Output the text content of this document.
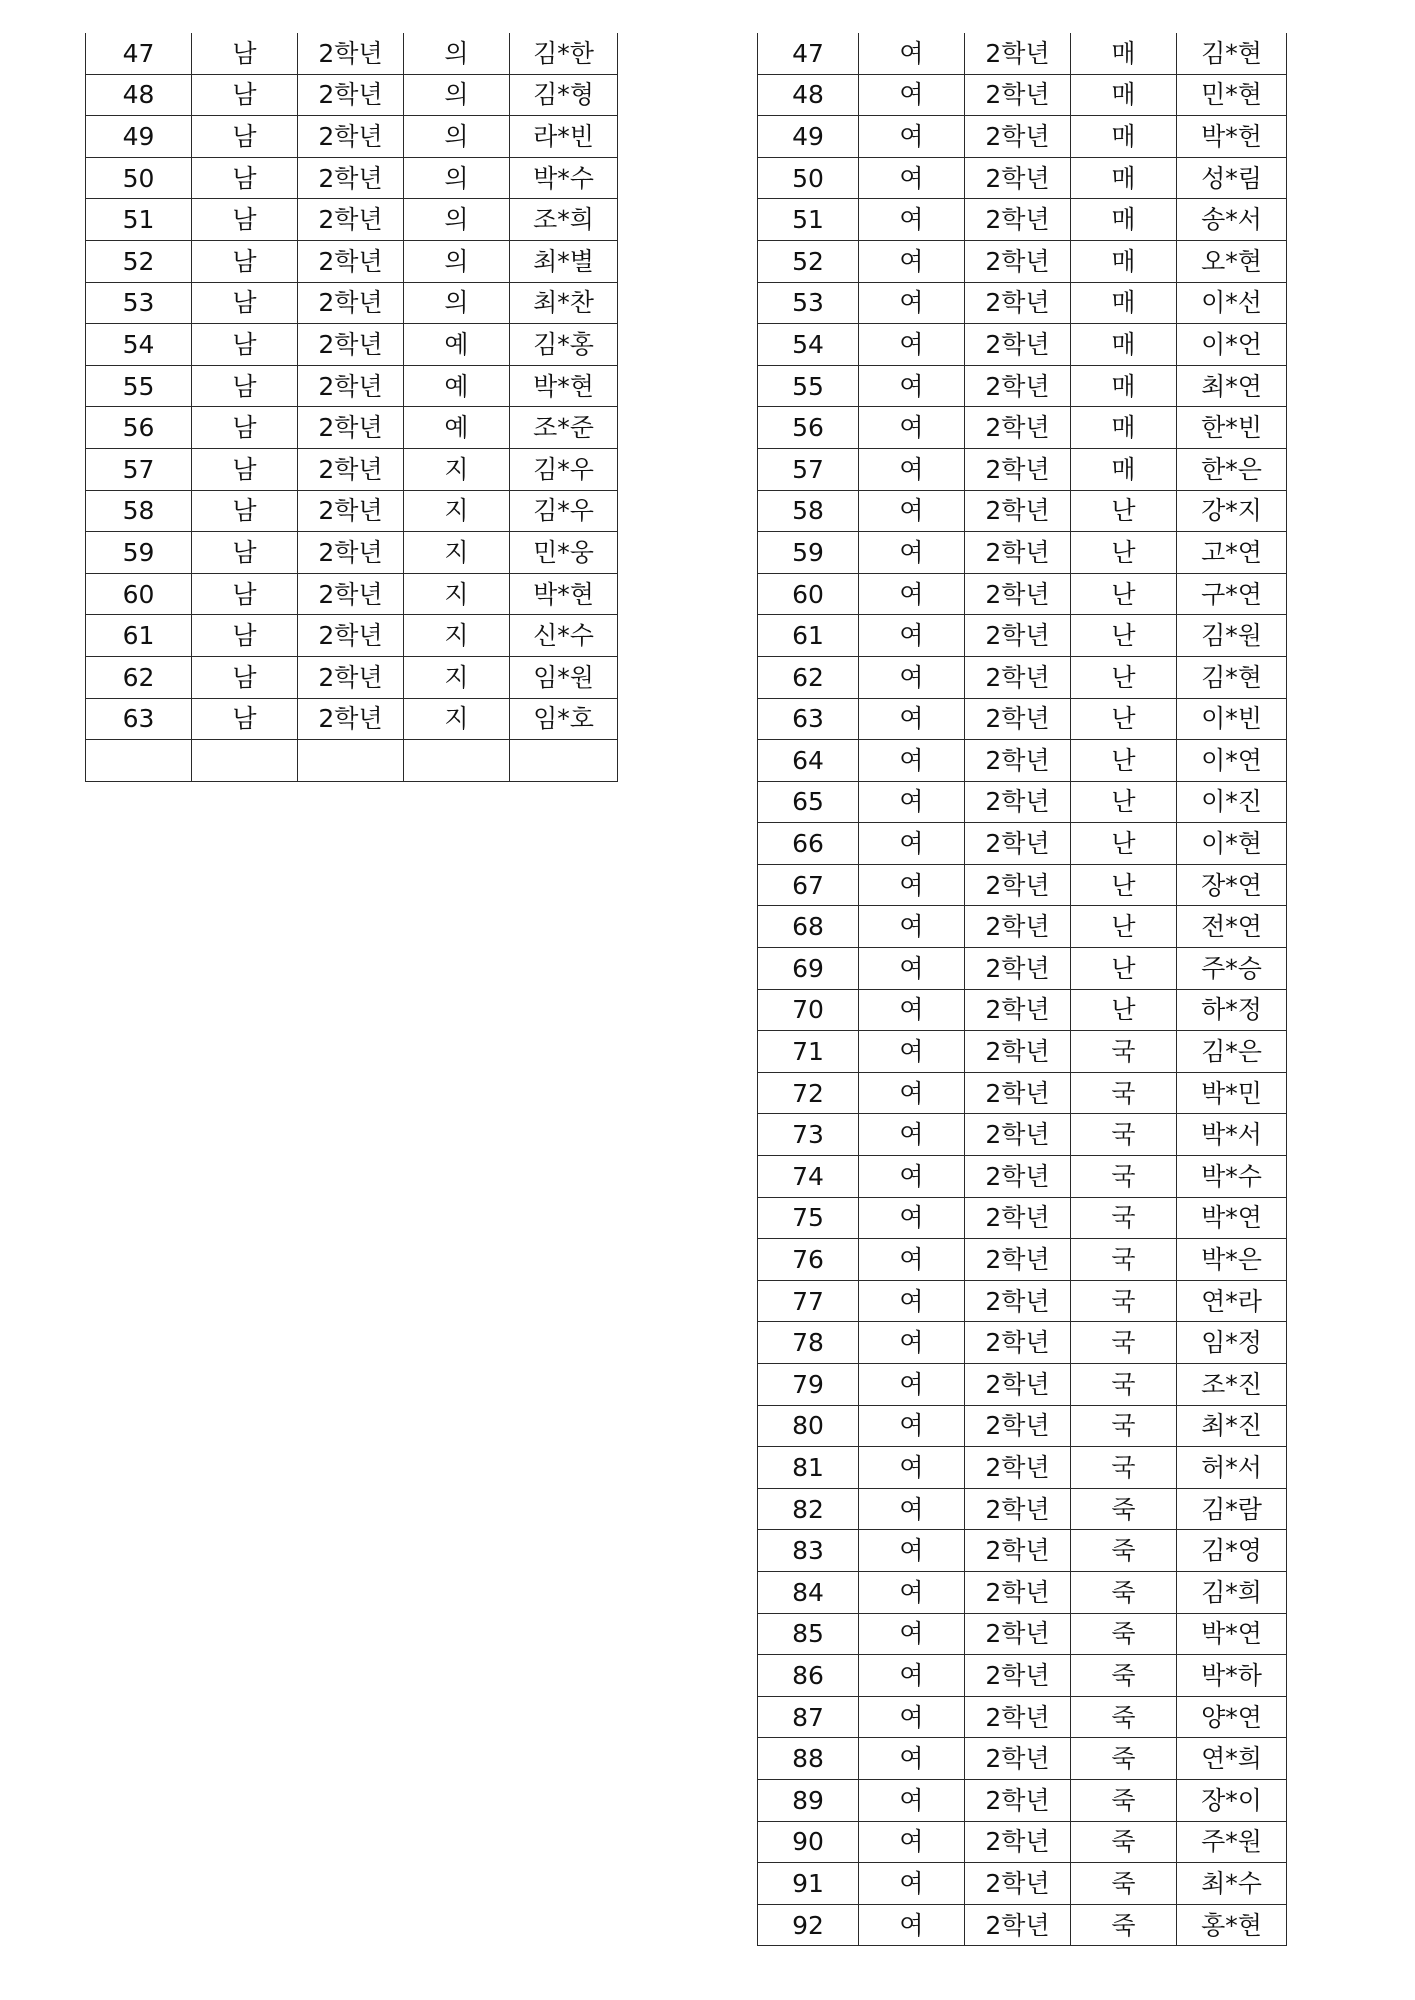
47	남	2학년	의	김*한
48	남	2학년	의	김*형
49	남	2학년	의	라*빈
50	남	2학년	의	박*수
51	남	2학년	의	조*희
52	남	2학년	의	최*별
53	남	2학년	의	최*찬
54	남	2학년	예	김*홍
55	남	2학년	예	박*현
56	남	2학년	예	조*준
57	남	2학년	지	김*우
58	남	2학년	지	김*우
59	남	2학년	지	민*웅
60	남	2학년	지	박*현
61	남	2학년	지	신*수
62	남	2학년	지	임*원
63	남	2학년	지	임*호

47	여	2학년	매	김*현
48	여	2학년	매	민*현
49	여	2학년	매	박*헌
50	여	2학년	매	성*림
51	여	2학년	매	송*서
52	여	2학년	매	오*현
53	여	2학년	매	이*선
54	여	2학년	매	이*언
55	여	2학년	매	최*연
56	여	2학년	매	한*빈
57	여	2학년	매	한*은
58	여	2학년	난	강*지
59	여	2학년	난	고*연
60	여	2학년	난	구*연
61	여	2학년	난	김*원
62	여	2학년	난	김*현
63	여	2학년	난	이*빈
64	여	2학년	난	이*연
65	여	2학년	난	이*진
66	여	2학년	난	이*현
67	여	2학년	난	장*연
68	여	2학년	난	전*연
69	여	2학년	난	주*승
70	여	2학년	난	하*정
71	여	2학년	국	김*은
72	여	2학년	국	박*민
73	여	2학년	국	박*서
74	여	2학년	국	박*수
75	여	2학년	국	박*연
76	여	2학년	국	박*은
77	여	2학년	국	연*라
78	여	2학년	국	임*정
79	여	2학년	국	조*진
80	여	2학년	국	최*진
81	여	2학년	국	허*서
82	여	2학년	죽	김*람
83	여	2학년	죽	김*영
84	여	2학년	죽	김*희
85	여	2학년	죽	박*연
86	여	2학년	죽	박*하
87	여	2학년	죽	양*연
88	여	2학년	죽	연*희
89	여	2학년	죽	장*이
90	여	2학년	죽	주*원
91	여	2학년	죽	최*수
92	여	2학년	죽	홍*현
